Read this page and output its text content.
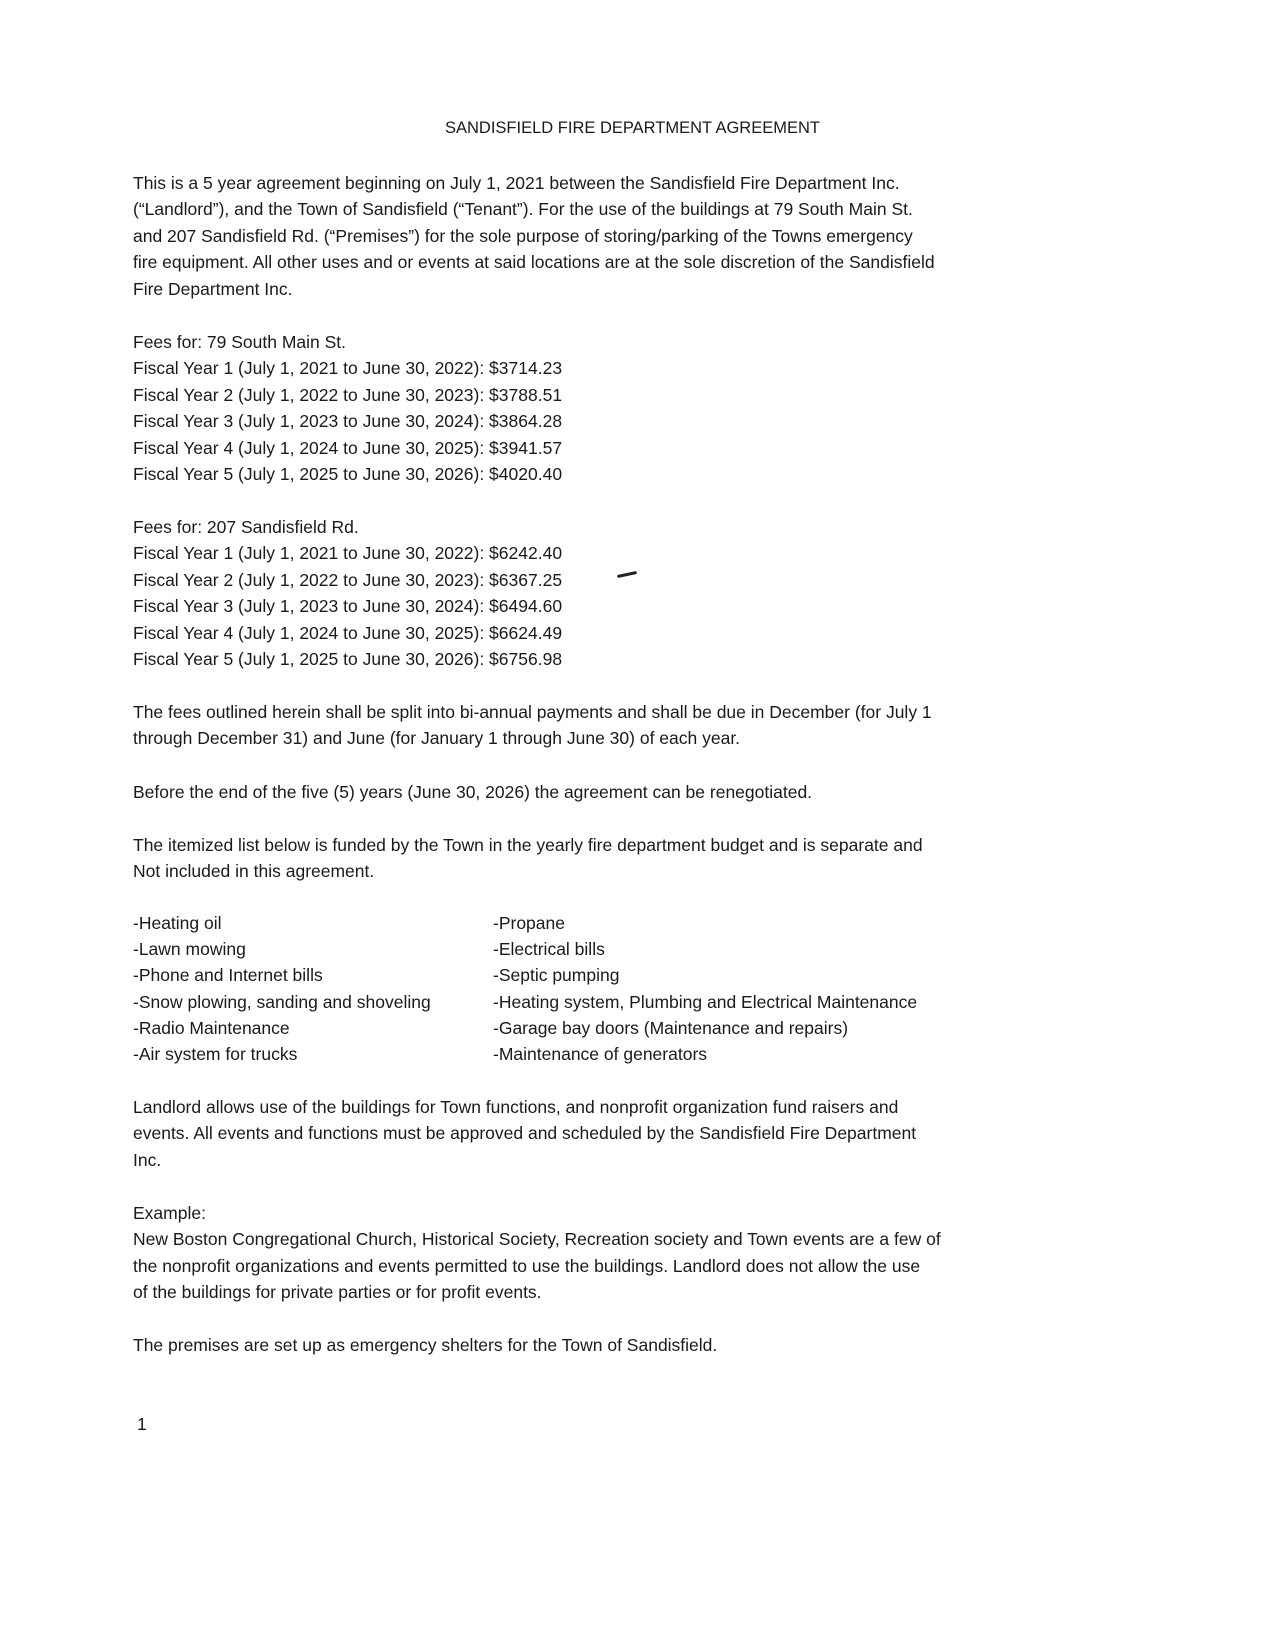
SANDISFIELD FIRE DEPARTMENT AGREEMENT
This is a 5 year agreement beginning on July 1, 2021 between the Sandisfield Fire Department Inc.
(“Landlord”), and the Town of Sandisfield (“Tenant”). For the use of the buildings at 79 South Main St.
and 207 Sandisfield Rd. (“Premises”) for the sole purpose of storing/parking of the Towns emergency
fire equipment. All other uses and or events at said locations are at the sole discretion of the Sandisfield
Fire Department Inc.
Fees for: 79 South Main St.
Fiscal Year 1 (July 1, 2021 to June 30, 2022): $3714.23
Fiscal Year 2 (July 1, 2022 to June 30, 2023): $3788.51
Fiscal Year 3 (July 1, 2023 to June 30, 2024): $3864.28
Fiscal Year 4 (July 1, 2024 to June 30, 2025): $3941.57
Fiscal Year 5 (July 1, 2025 to June 30, 2026): $4020.40
Fees for: 207 Sandisfield Rd.
Fiscal Year 1 (July 1, 2021 to June 30, 2022): $6242.40
Fiscal Year 2 (July 1, 2022 to June 30, 2023): $6367.25
Fiscal Year 3 (July 1, 2023 to June 30, 2024): $6494.60
Fiscal Year 4 (July 1, 2024 to June 30, 2025): $6624.49
Fiscal Year 5 (July 1, 2025 to June 30, 2026): $6756.98
The fees outlined herein shall be split into bi-annual payments and shall be due in December (for July 1
through December 31) and June (for January 1 through June 30) of each year.
Before the end of the five (5) years (June 30, 2026) the agreement can be renegotiated.
The itemized list below is funded by the Town in the yearly fire department budget and is separate and
Not included in this agreement.
-Heating oil	-Propane
-Lawn mowing	-Electrical bills
-Phone and Internet bills	-Septic pumping
-Snow plowing, sanding and shoveling	-Heating system, Plumbing and Electrical Maintenance
-Radio Maintenance	-Garage bay doors (Maintenance and repairs)
-Air system for trucks	-Maintenance of generators
Landlord allows use of the buildings for Town functions, and nonprofit organization fund raisers and
events. All events and functions must be approved and scheduled by the Sandisfield Fire Department
Inc.
Example:
New Boston Congregational Church, Historical Society, Recreation society and Town events are a few of
the nonprofit organizations and events permitted to use the buildings. Landlord does not allow the use
of the buildings for private parties or for profit events.
The premises are set up as emergency shelters for the Town of Sandisfield.
1
